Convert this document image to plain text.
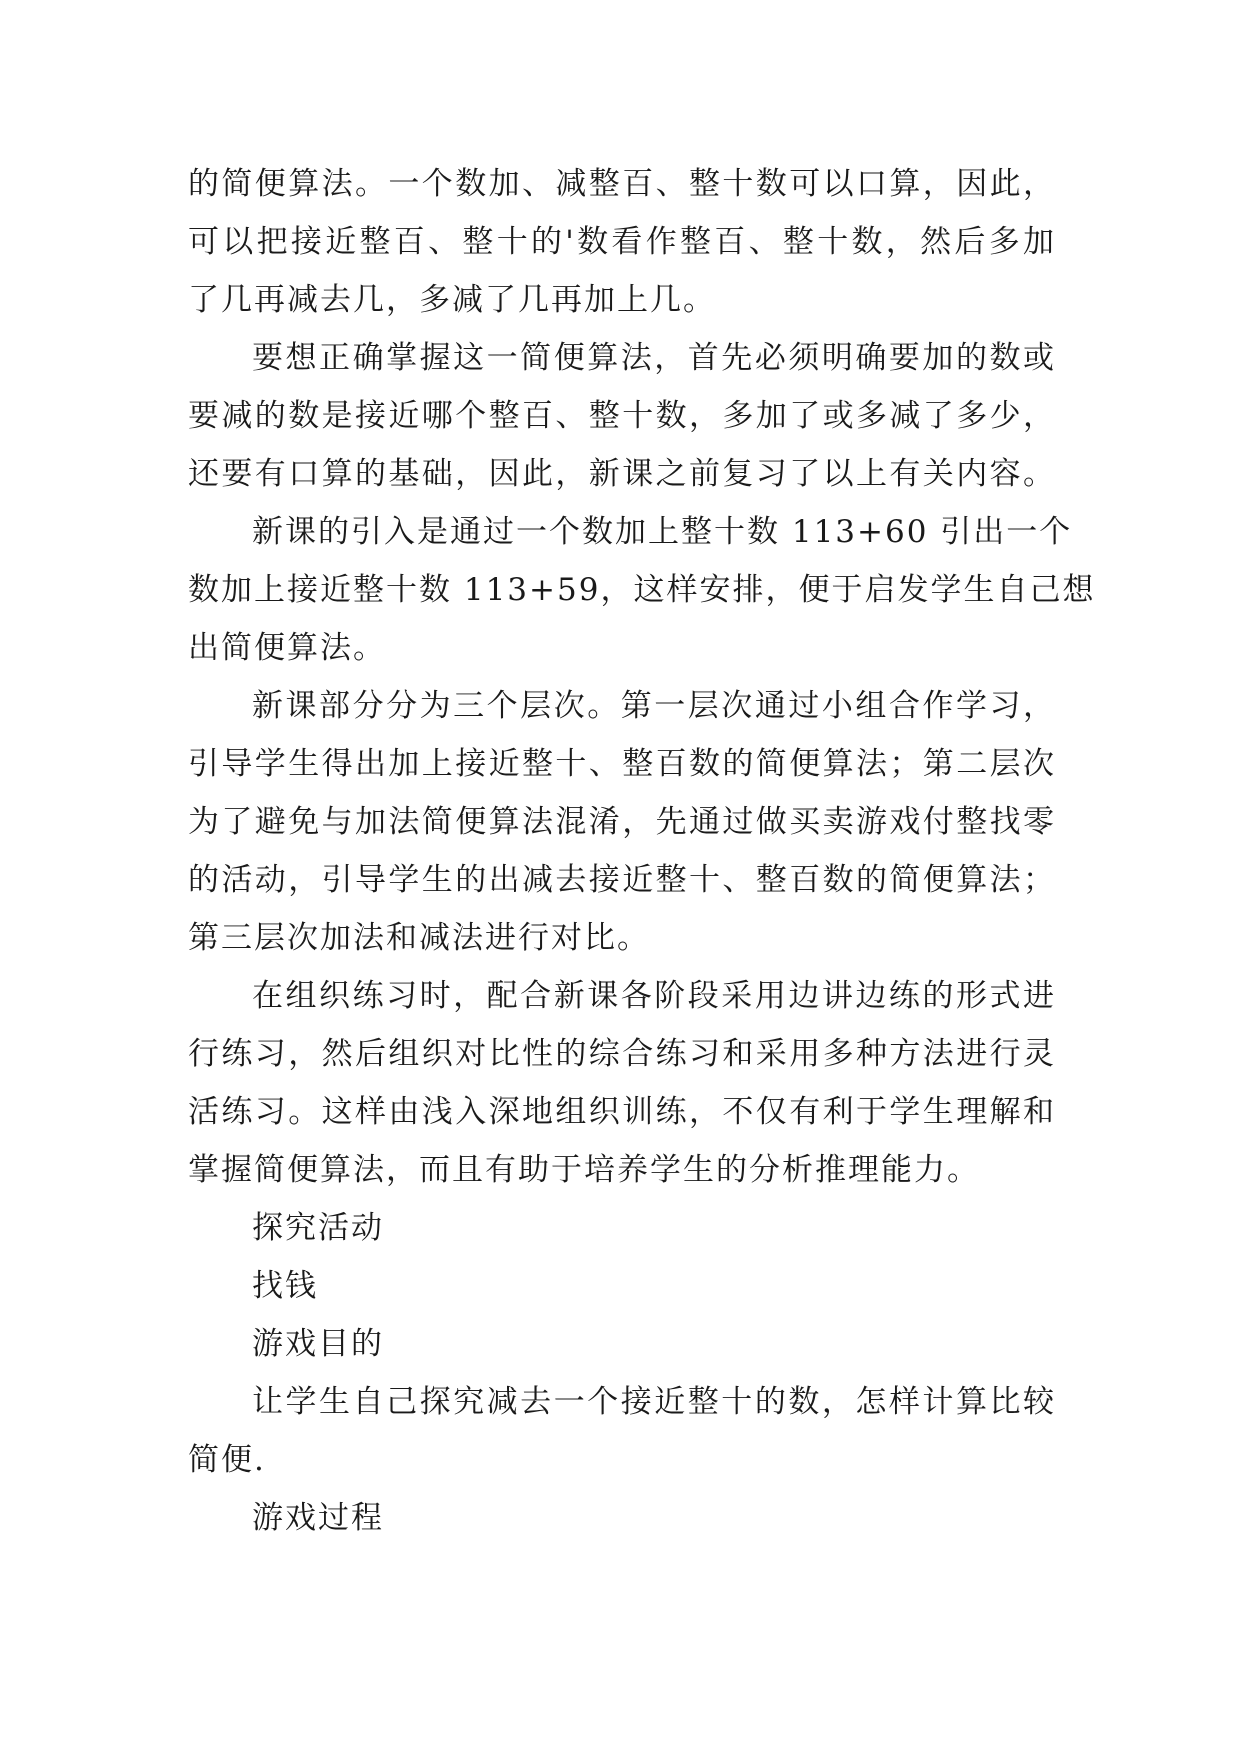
的简便算法。一个数加、减整百、整十数可以口算，因此，
可以把接近整百、整十的'数看作整百、整十数，然后多加
了几再减去几，多减了几再加上几。
要想正确掌握这一简便算法，首先必须明确要加的数或
要减的数是接近哪个整百、整十数，多加了或多减了多少，
还要有口算的基础，因此，新课之前复习了以上有关内容。
新课的引入是通过一个数加上整十数 113+60 引出一个
数加上接近整十数 113+59，这样安排，便于启发学生自己想
出简便算法。
新课部分分为三个层次。第一层次通过小组合作学习，
引导学生得出加上接近整十、整百数的简便算法；第二层次
为了避免与加法简便算法混淆，先通过做买卖游戏付整找零
的活动，引导学生的出减去接近整十、整百数的简便算法；
第三层次加法和减法进行对比。
在组织练习时，配合新课各阶段采用边讲边练的形式进
行练习，然后组织对比性的综合练习和采用多种方法进行灵
活练习。这样由浅入深地组织训练，不仅有利于学生理解和
掌握简便算法，而且有助于培养学生的分析推理能力。
探究活动
找钱
游戏目的
让学生自己探究减去一个接近整十的数，怎样计算比较
简便.
游戏过程
